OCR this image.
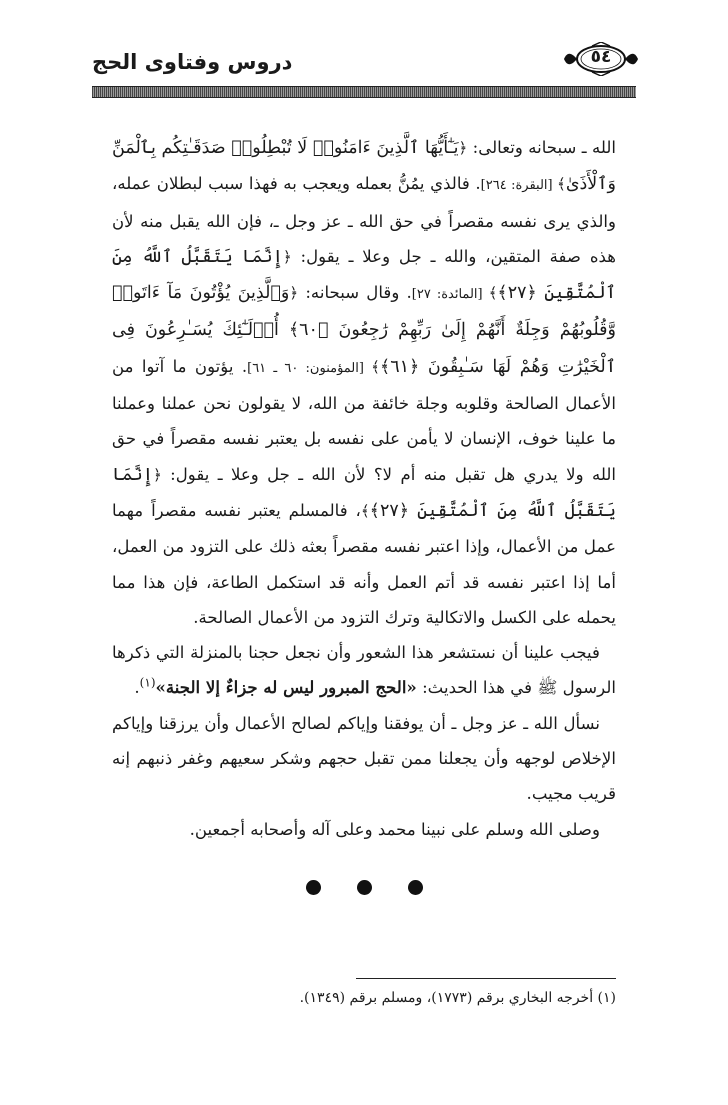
دروس وفتاوى الحج	٥٤

الله ـ سبحانه وتعالى: ﴿يَـٰٓأَيُّهَا ٱلَّذِينَ ءَامَنُوا۟ لَا تُبْطِلُوا۟ صَدَقَـٰتِكُم بِٱلْمَنِّ وَٱلْأَذَىٰ﴾ [البقرة: ٢٦٤]. فالذي يمُنُّ بعمله ويعجب به فهذا سبب لبطلان عمله، والذي يرى نفسه مقصراً في حق الله ـ عز وجل ـ، فإن الله يقبل منه لأن هذه صفة المتقين، والله ـ جل وعلا ـ يقول: ﴿إِنَّمَا يَتَقَبَّلُ ٱللَّهُ مِنَ ٱلْمُتَّقِينَ ﴿٢٧﴾﴾ [المائدة: ٢٧]. وقال سبحانه: ﴿وَٱلَّذِينَ يُؤْتُونَ مَآ ءَاتَوا۟ وَّقُلُوبُهُمْ وَجِلَةٌ أَنَّهُمْ إِلَىٰ رَبِّهِمْ رَٰجِعُونَ ﴿٦٠﴾ أُو۟لَـٰٓئِكَ يُسَـٰرِعُونَ فِى ٱلْخَيْرَٰتِ وَهُمْ لَهَا سَـٰبِقُونَ ﴿٦١﴾﴾ [المؤمنون: ٦٠ ـ ٦١]. يؤتون ما آتوا من الأعمال الصالحة وقلوبه وجلة خائفة من الله، لا يقولون نحن عملنا وعملنا ما علينا خوف، الإنسان لا يأمن على نفسه بل يعتبر نفسه مقصراً في حق الله ولا يدري هل تقبل منه أم لا؟ لأن الله ـ جل وعلا ـ يقول: ﴿إِنَّمَا يَتَقَبَّلُ ٱللَّهُ مِنَ ٱلْمُتَّقِينَ ﴿٢٧﴾﴾، فالمسلم يعتبر نفسه مقصراً مهما عمل من الأعمال، وإذا اعتبر نفسه مقصراً بعثه ذلك على التزود من العمل، أما إذا اعتبر نفسه قد أتم العمل وأنه قد استكمل الطاعة، فإن هذا مما يحمله على الكسل والاتكالية وترك التزود من الأعمال الصالحة.

فيجب علينا أن نستشعر هذا الشعور وأن نجعل حجنا بالمنزلة التي ذكرها الرسول ﷺ في هذا الحديث: «الحج المبرور ليس له جزاءٌ إلا الجنة»$^{(١)}$.

نسأل الله ـ عز وجل ـ أن يوفقنا وإياكم لصالح الأعمال وأن يرزقنا وإياكم الإخلاص لوجهه وأن يجعلنا ممن تقبل حجهم وشكر سعيهم وغفر ذنبهم إنه قريب مجيب.

وصلى الله وسلم على نبينا محمد وعلى آله وأصحابه أجمعين.

(١) أخرجه البخاري برقم (١٧٧٣)، ومسلم برقم (١٣٤٩).
